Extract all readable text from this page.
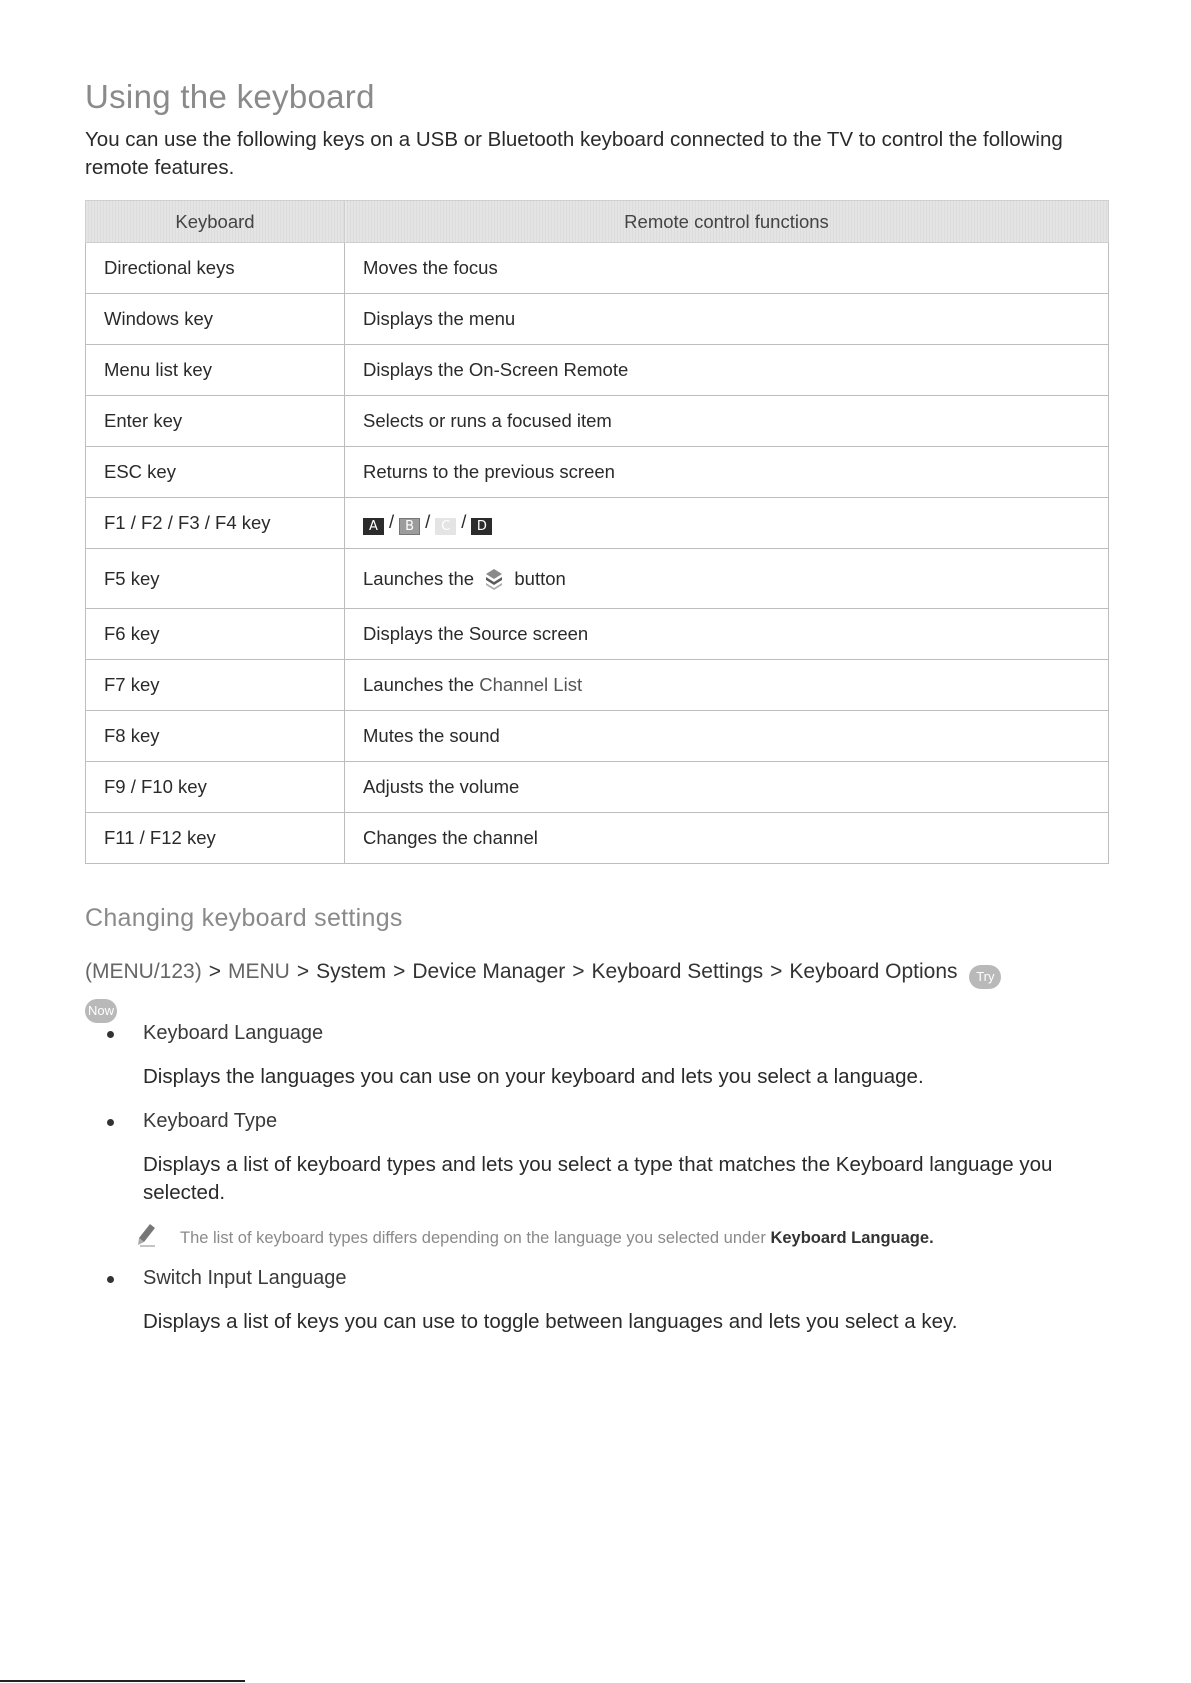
Using the keyboard

You can use the following keys on a USB or Bluetooth keyboard connected to the TV to control the following remote features.

Keyboard	Remote control functions
Directional keys	Moves the focus
Windows key	Displays the menu
Menu list key	Displays the On-Screen Remote
Enter key	Selects or runs a focused item
ESC key	Returns to the previous screen
F1 / F2 / F3 / F4 key	A / B / C / D
F5 key	Launches the button
F6 key	Displays the Source screen
F7 key	Launches the Channel List
F8 key	Mutes the sound
F9 / F10 key	Adjusts the volume
F11 / F12 key	Changes the channel
Changing keyboard settings
(MENU/123) > MENU > System > Device Manager > Keyboard Settings > Keyboard Options Try
Now

Keyboard Language

Displays the languages you can use on your keyboard and lets you select a language.

Keyboard Type

Displays a list of keyboard types and lets you select a type that matches the Keyboard language you selected.

The list of keyboard types differs depending on the language you selected under Keyboard Language.

Switch Input Language

Displays a list of keys you can use to toggle between languages and lets you select a key.
